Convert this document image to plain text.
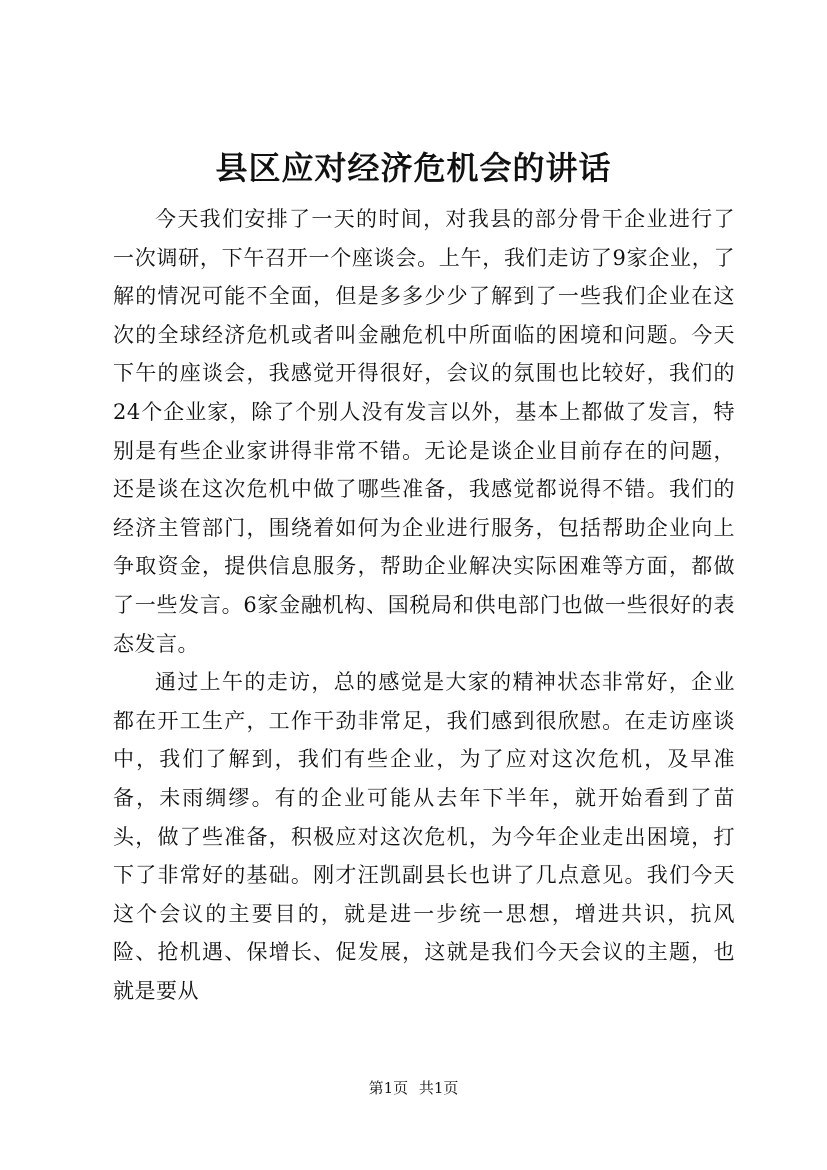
县区应对经济危机会的讲话

今天我们安排了一天的时间，对我县的部分骨干企业进行了一次调研，下午召开一个座谈会。上午，我们走访了9家企业，了解的情况可能不全面，但是多多少少了解到了一些我们企业在这次的全球经济危机或者叫金融危机中所面临的困境和问题。今天下午的座谈会，我感觉开得很好，会议的氛围也比较好，我们的24个企业家，除了个别人没有发言以外，基本上都做了发言，特别是有些企业家讲得非常不错。无论是谈企业目前存在的问题，还是谈在这次危机中做了哪些准备，我感觉都说得不错。我们的经济主管部门，围绕着如何为企业进行服务，包括帮助企业向上争取资金，提供信息服务，帮助企业解决实际困难等方面，都做了一些发言。6家金融机构、国税局和供电部门也做一些很好的表态发言。

通过上午的走访，总的感觉是大家的精神状态非常好，企业都在开工生产，工作干劲非常足，我们感到很欣慰。在走访座谈中，我们了解到，我们有些企业，为了应对这次危机，及早准备，未雨绸缪。有的企业可能从去年下半年，就开始看到了苗头，做了些准备，积极应对这次危机，为今年企业走出困境，打下了非常好的基础。刚才汪凯副县长也讲了几点意见。我们今天这个会议的主要目的，就是进一步统一思想，增进共识，抗风险、抢机遇、保增长、促发展，这就是我们今天会议的主题，也就是要从

第1页 共1页
